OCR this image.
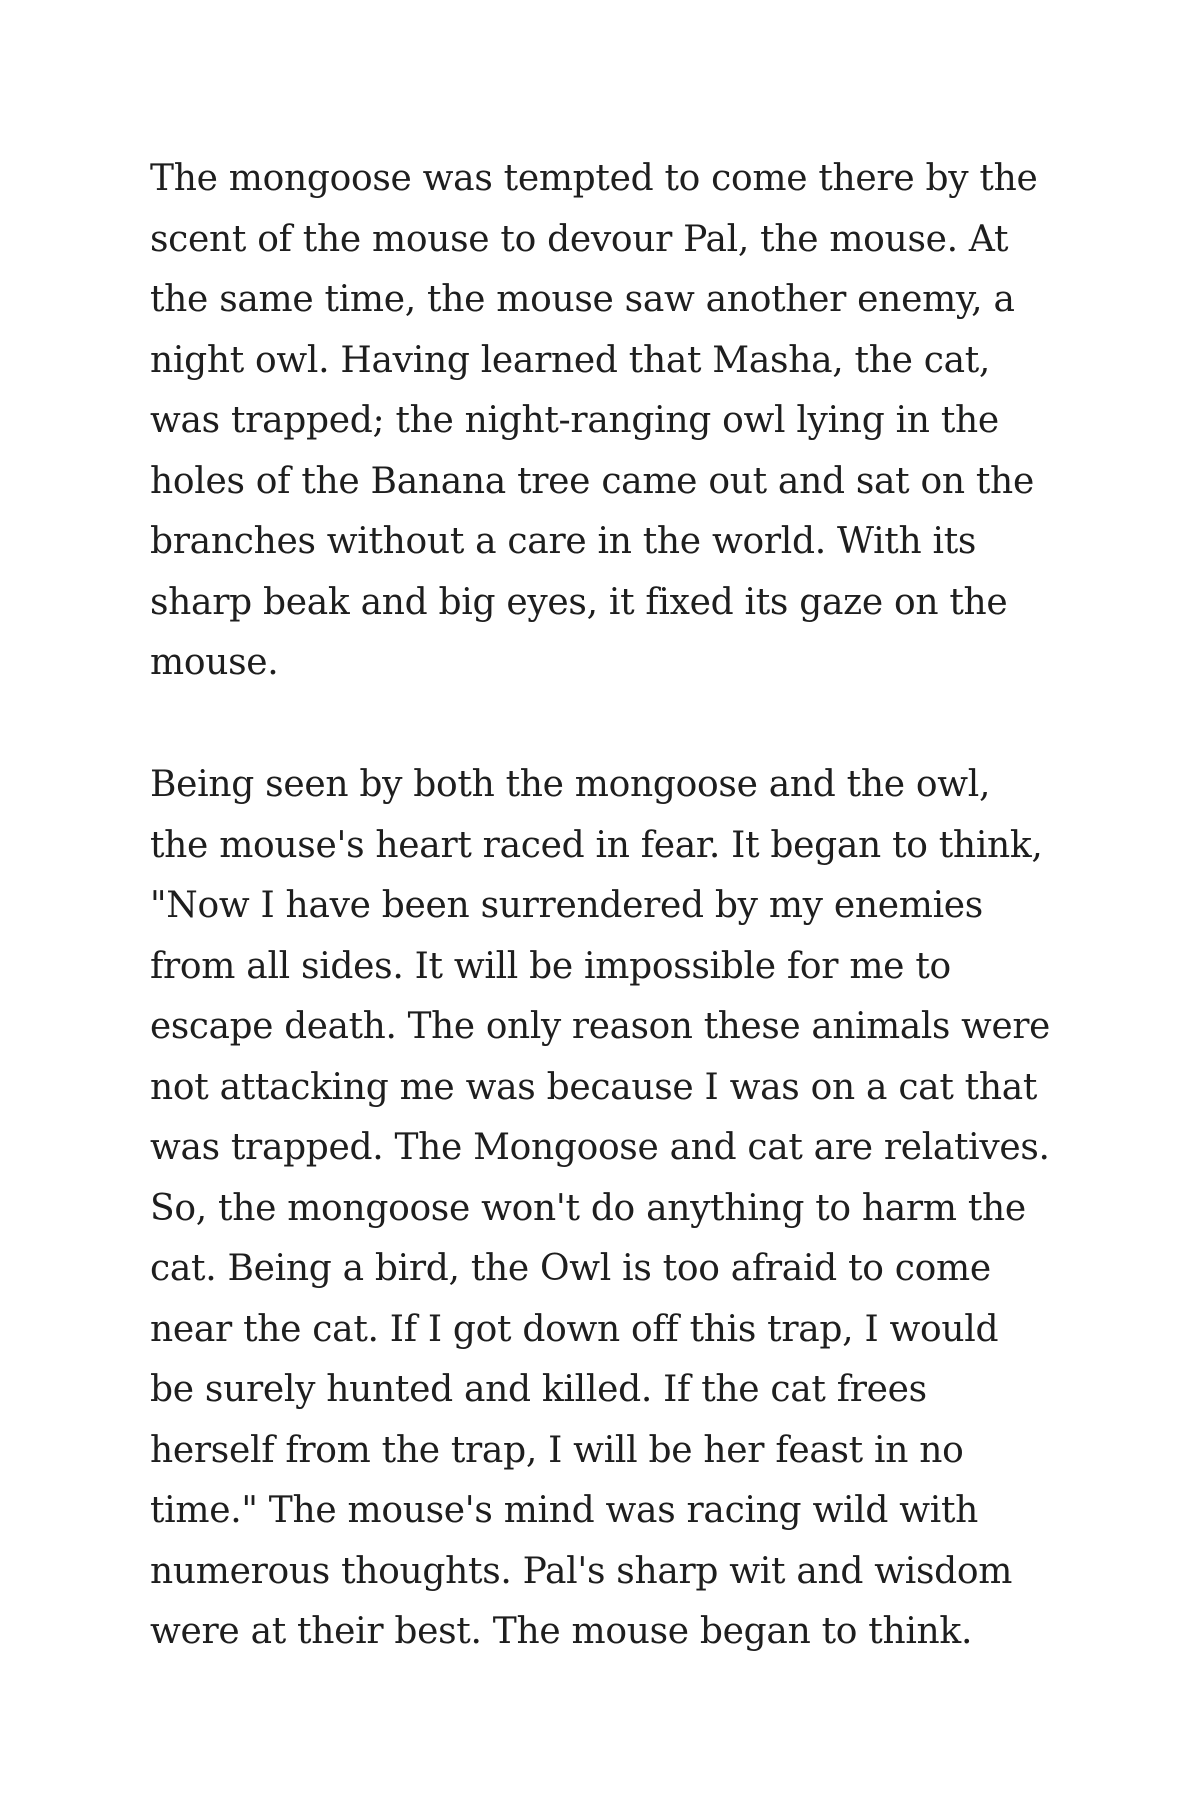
The mongoose was tempted to come there by the
scent of the mouse to devour Pal, the mouse. At
the same time, the mouse saw another enemy, a
night owl. Having learned that Masha, the cat,
was trapped; the night-ranging owl lying in the
holes of the Banana tree came out and sat on the
branches without a care in the world. With its
sharp beak and big eyes, it fixed its gaze on the
mouse.
Being seen by both the mongoose and the owl,
the mouse's heart raced in fear. It began to think,
"Now I have been surrendered by my enemies
from all sides. It will be impossible for me to
escape death. The only reason these animals were
not attacking me was because I was on a cat that
was trapped. The Mongoose and cat are relatives.
So, the mongoose won't do anything to harm the
cat. Being a bird, the Owl is too afraid to come
near the cat. If I got down off this trap, I would
be surely hunted and killed. If the cat frees
herself from the trap, I will be her feast in no
time." The mouse's mind was racing wild with
numerous thoughts. Pal's sharp wit and wisdom
were at their best. The mouse began to think.
